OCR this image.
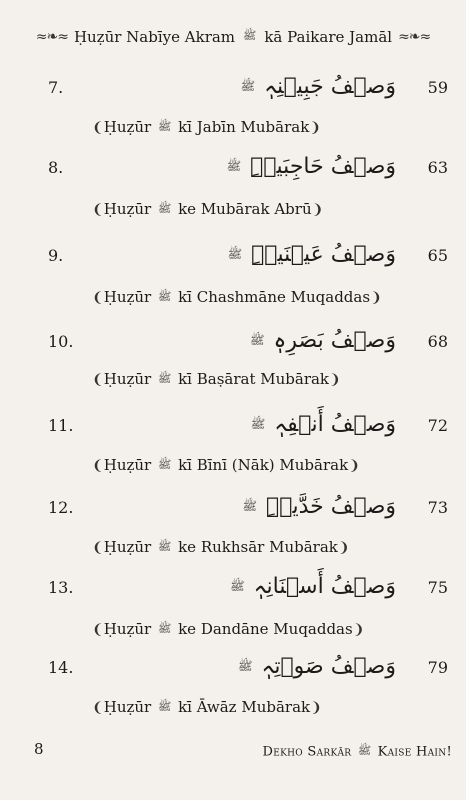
≈❧≈ Ḥuẓūr Nabīye Akram ﷺ kā Paikare Jamāl ≈❧≈
7.	وَصۡفُ جَبِیۡنِہٖ ﷺ	59
❨Ḥuẓūr ﷺ kī Jabīn Mubārak❩
8.	وَصۡفُ حَاجِبَیۡہِ ﷺ	63
❨Ḥuẓūr ﷺ ke Mubārak Abrū❩
9.	وَصۡفُ عَیۡنَیۡہِ ﷺ	65
❨Ḥuẓūr ﷺ kī Chashmāne Muqaddas❩
10.	وَصۡفُ بَصَرِہٖ ﷺ	68
❨Ḥuẓūr ﷺ kī Baṣārat Mubārak❩
11.	وَصۡفُ أَنۡفِہٖ ﷺ	72
❨Ḥuẓūr ﷺ kī Bīnī (Nāk) Mubārak❩
12.	وَصۡفُ خَدَّیۡہِ ﷺ	73
❨Ḥuẓūr ﷺ ke Rukhsār Mubārak❩
13.	وَصۡفُ أَسۡنَانِہٖ ﷺ	75
❨Ḥuẓūr ﷺ ke Dandāne Muqaddas❩
14.	وَصۡفُ صَوۡتِہٖ ﷺ	79
❨Ḥuẓūr ﷺ kī Āwāz Mubārak❩
8	Dekho Sarkār ﷺ Kaise Hain!
